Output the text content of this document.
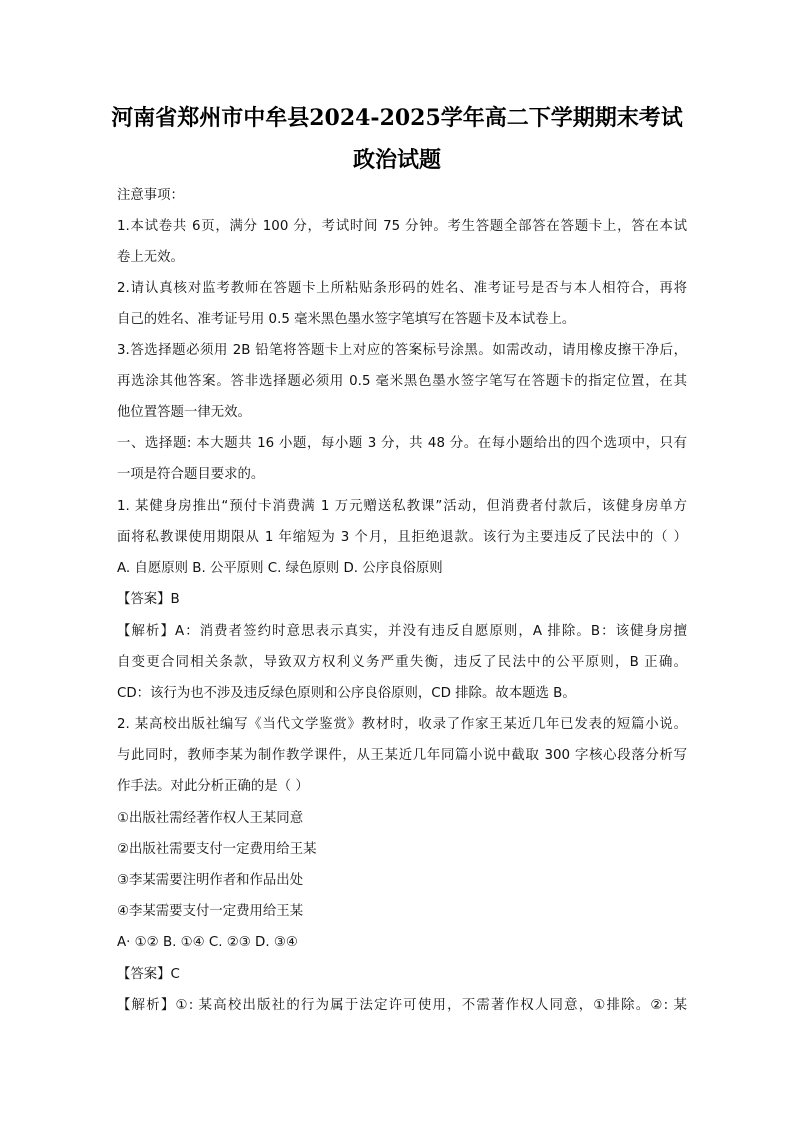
河南省郑州市中牟县2024-2025学年高二下学期期末考试
政治试题
注意事项：
1.本试卷共 6页，满分 100 分，考试时间 75 分钟。考生答题全部答在答题卡上，答在本试
卷上无效。
2.请认真核对监考教师在答题卡上所粘贴条形码的姓名、准考证号是否与本人相符合，再将
自己的姓名、准考证号用 0.5 毫米黑色墨水签字笔填写在答题卡及本试卷上。
3.答选择题必须用 2B 铅笔将答题卡上对应的答案标号涂黑。如需改动，请用橡皮擦干净后，
再选涂其他答案。答非选择题必须用 0.5 毫米黑色墨水签字笔写在答题卡的指定位置，在其
他位置答题一律无效。
一、选择题: 本大题共 16 小题，每小题 3 分，共 48 分。在每小题给出的四个选项中，只有
一项是符合题目要求的。
1. 某健身房推出“预付卡消费满 1 万元赠送私教课”活动，但消费者付款后，该健身房单方
面将私教课使用期限从 1 年缩短为 3 个月，且拒绝退款。该行为主要违反了民法中的（ ）
A. 自愿原则 B. 公平原则 C. 绿色原则 D. 公序良俗原则
【答案】B
【解析】A：消费者签约时意思表示真实，并没有违反自愿原则，A 排除。B：该健身房擅
自变更合同相关条款，导致双方权利义务严重失衡，违反了民法中的公平原则，B 正确。
CD：该行为也不涉及违反绿色原则和公序良俗原则，CD 排除。故本题选 B。
2. 某高校出版社编写《当代文学鉴赏》教材时，收录了作家王某近几年已发表的短篇小说。
与此同时，教师李某为制作教学课件，从王某近几年同篇小说中截取 300 字核心段落分析写
作手法。对此分析正确的是（ ）
①出版社需经著作权人王某同意
②出版社需要支付一定费用给王某
③李某需要注明作者和作品出处
④李某需要支付一定费用给王某
A· ①② B. ①④ C. ②③ D. ③④
【答案】C
【解析】①: 某高校出版社的行为属于法定许可使用，不需著作权人同意，①排除。②: 某
